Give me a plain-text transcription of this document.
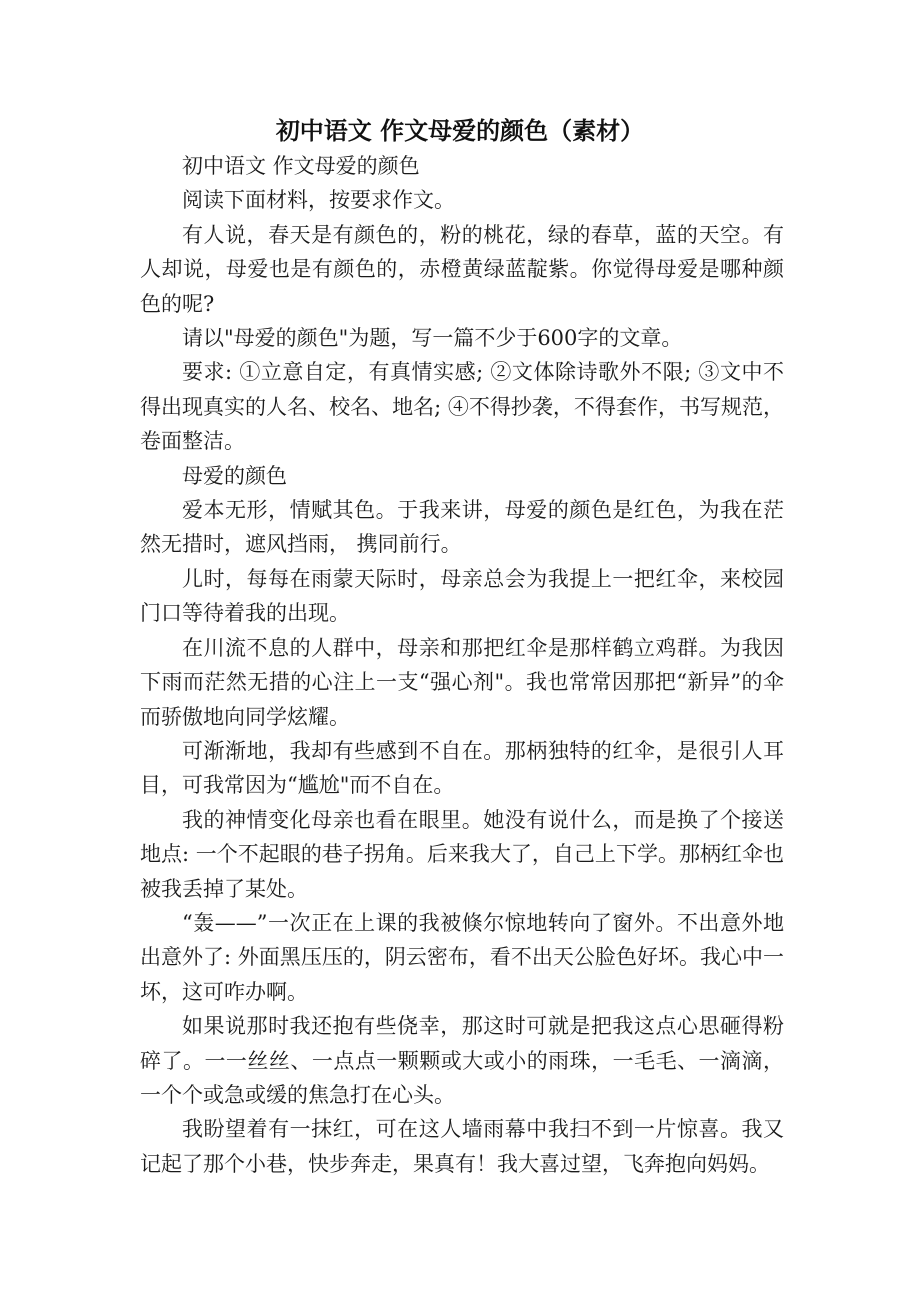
初中语文 作文母爱的颜色（素材）

初中语文 作文母爱的颜色

阅读下面材料，按要求作文。

有人说，春天是有颜色的，粉的桃花，绿的春草，蓝的天空。有人却说，母爱也是有颜色的，赤橙黄绿蓝靛紫。你觉得母爱是哪种颜色的呢?

请以"母爱的颜色"为题，写一篇不少于600字的文章。

要求: ①立意自定，有真情实感; ②文体除诗歌外不限; ③文中不得出现真实的人名、校名、地名; ④不得抄袭，不得套作，书写规范，卷面整洁。

母爱的颜色

爱本无形，情赋其色。于我来讲，母爱的颜色是红色，为我在茫然无措时，遮风挡雨， 携同前行。

儿时，每每在雨蒙天际时，母亲总会为我提上一把红伞，来校园门口等待着我的出现。

在川流不息的人群中，母亲和那把红伞是那样鹤立鸡群。为我因下雨而茫然无措的心注上一支“强心剂"。我也常常因那把“新异”的伞而骄傲地向同学炫耀。

可渐渐地，我却有些感到不自在。那柄独特的红伞，是很引人耳目，可我常因为“尴尬"而不自在。

我的神情变化母亲也看在眼里。她没有说什么，而是换了个接送地点: 一个不起眼的巷子拐角。后来我大了，自己上下学。那柄红伞也被我丢掉了某处。

“轰——”一次正在上课的我被倏尔惊地转向了窗外。不出意外地出意外了: 外面黑压压的，阴云密布，看不出天公脸色好坏。我心中一坏，这可咋办啊。

如果说那时我还抱有些侥幸，那这时可就是把我这点心思砸得粉碎了。一一丝丝、一点点一颗颗或大或小的雨珠，一毛毛、一滴滴，一个个或急或缓的焦急打在心头。

我盼望着有一抹红，可在这人墙雨幕中我扫不到一片惊喜。我又记起了那个小巷，快步奔走，果真有！我大喜过望，飞奔抱向妈妈。
